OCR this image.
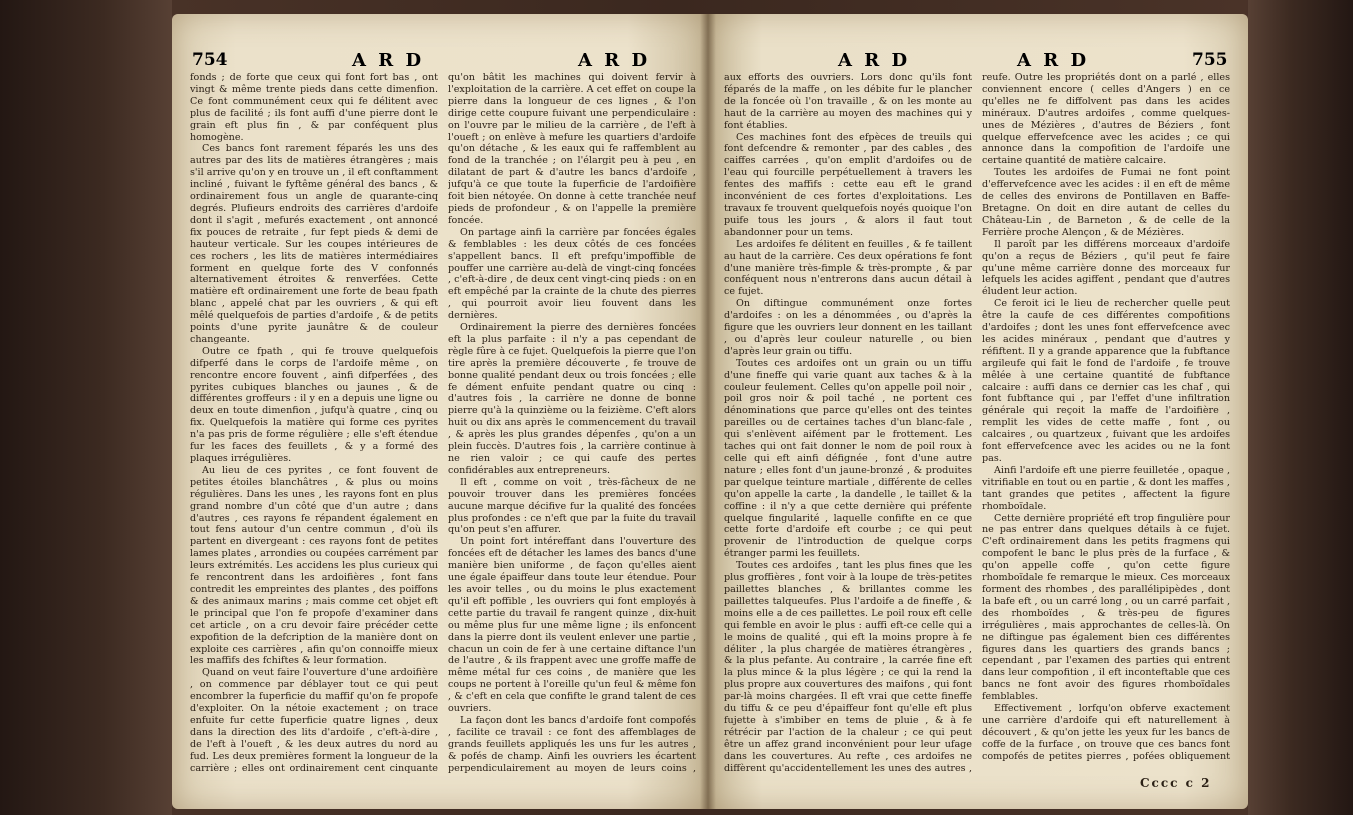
754	A R D	A R D	A R D	A R D	755

fonds ; de forte que ceux qui font fort bas , ont vingt & même trente pieds dans cette dimenfion. Ce font communément ceux qui fe délitent avec plus de facilité ; ils font auffi d'une pierre dont le grain eft plus fin , & par conféquent plus homogène.

Ces bancs font rarement féparés les uns des autres par des lits de matières étrangères ; mais s'il arrive qu'on y en trouve un , il eft conftamment incliné , fuivant le fyftême général des bancs , & ordinairement fous un angle de quarante-cinq degrés. Plufieurs endroits des carrières d'ardoife dont il s'agit , mefurés exactement , ont annoncé fix pouces de retraite , fur fept pieds & demi de hauteur verticale. Sur les coupes intérieures de ces rochers , les lits de matières intermédiaires forment en quelque forte des V confonnés alternativement étroites & renverfées. Cette matière eft ordinairement une forte de beau fpath blanc , appelé chat par les ouvriers , & qui eft mêlé quelquefois de parties d'ardoife , & de petits points d'une pyrite jaunâtre & de couleur changeante.

Outre ce fpath , qui fe trouve quelquefois difperfé dans le corps de l'ardoife même , on rencontre encore fouvent , ainfi difperfées , des pyrites cubiques blanches ou jaunes , & de différentes groffeurs : il y en a depuis une ligne ou deux en toute dimenfion , jufqu'à quatre , cinq ou fix. Quelquefois la matière qui forme ces pyrites n'a pas pris de forme régulière ; elle s'eft étendue fur les faces des feuillets , & y a formé des plaques irrégulières.

Au lieu de ces pyrites , ce font fouvent de petites étoiles blanchâtres , & plus ou moins régulières. Dans les unes , les rayons font en plus grand nombre d'un côté que d'un autre ; dans d'autres , ces rayons fe répandent également en tout fens autour d'un centre commun , d'où ils partent en divergeant : ces rayons font de petites lames plates , arrondies ou coupées carrément par leurs extrémités. Les accidens les plus curieux qui fe rencontrent dans les ardoifières , font fans contredit les empreintes des plantes , des poiffons & des animaux marins ; mais comme cet objet eft le principal que l'on fe propofe d'examiner dans cet article , on a cru devoir faire précéder cette expofition de la defcription de la manière dont on exploite ces carrières , afin qu'on connoiffe mieux les maffifs des fchiftes & leur formation.

Quand on veut faire l'ouverture d'une ardoifière , on commence par déblayer tout ce qui peut encombrer la fuperficie du maffif qu'on fe propofe d'exploiter. On la nétoie exactement ; on trace enfuite fur cette fuperficie quatre lignes , deux dans la direction des lits d'ardoife , c'eft-à-dire , de l'eft à l'oueft , & les deux autres du nord au fud. Les deux premières forment la longueur de la carrière ; elles ont ordinairement cent cinquante

qu'on bâtit les machines qui doivent fervir à l'exploitation de la carrière. A cet effet on coupe la pierre dans la longueur de ces lignes , & l'on dirige cette coupure fuivant une perpendiculaire : on l'ouvre par le milieu de la carrière , de l'eft à l'oueft ; on enlève à mefure les quartiers d'ardoife qu'on détache , & les eaux qui fe raffemblent au fond de la tranchée ; on l'élargit peu à peu , en dilatant de part & d'autre les bancs d'ardoife , jufqu'à ce que toute la fuperficie de l'ardoifière foit bien nétoyée. On donne à cette tranchée neuf pieds de profondeur , & on l'appelle la première foncée.

On partage ainfi la carrière par foncées égales & femblables : les deux côtés de ces foncées s'appellent bancs. Il eft prefqu'impoffible de pouffer une carrière au-delà de vingt-cinq foncées , c'eft-à-dire , de deux cent vingt-cinq pieds : on en eft empêché par la crainte de la chute des pierres , qui pourroit avoir lieu fouvent dans les dernières.

Ordinairement la pierre des dernières foncées eft la plus parfaite : il n'y a pas cependant de règle fûre à ce fujet. Quelquefois la pierre que l'on tire après la première découverte , fe trouve de bonne qualité pendant deux ou trois foncées ; elle fe dément enfuite pendant quatre ou cinq : d'autres fois , la carrière ne donne de bonne pierre qu'à la quinzième ou la feizième. C'eft alors huit ou dix ans après le commencement du travail , & après les plus grandes dépenfes , qu'on a un plein fuccès. D'autres fois , la carrière continue à ne rien valoir ; ce qui caufe des pertes confidérables aux entrepreneurs.

Il eft , comme on voit , très-fâcheux de ne pouvoir trouver dans les premières foncées aucune marque décifive fur la qualité des foncées plus profondes : ce n'eft que par la fuite du travail qu'on peut s'en affurer.

Un point fort intéreffant dans l'ouverture des foncées eft de détacher les lames des bancs d'une manière bien uniforme , de façon qu'elles aient une égale épaiffeur dans toute leur étendue. Pour les avoir telles , ou du moins le plus exactement qu'il eft poffible , les ouvriers qui font employés à cette partie du travail fe rangent quinze , dix-huit ou même plus fur une même ligne ; ils enfoncent dans la pierre dont ils veulent enlever une partie , chacun un coin de fer à une certaine diftance l'un de l'autre , & ils frappent avec une groffe maffe de même métal fur ces coins , de manière que les coups ne portent à l'oreille qu'un feul & même fon , & c'eft en cela que confifte le grand talent de ces ouvriers.

La façon dont les bancs d'ardoife font compofés , facilite ce travail : ce font des affemblages de grands feuillets appliqués les uns fur les autres , & pofés de champ. Ainfi les ouvriers les écartent perpendiculairement au moyen de leurs coins ,

aux efforts des ouvriers. Lors donc qu'ils font féparés de la maffe , on les débite fur le plancher de la foncée où l'on travaille , & on les monte au haut de la carrière au moyen des machines qui y font établies.

Ces machines font des efpèces de treuils qui font defcendre & remonter , par des cables , des caiffes carrées , qu'on emplit d'ardoifes ou de l'eau qui fourcille perpétuellement à travers les fentes des maffifs : cette eau eft le grand inconvénient de ces fortes d'exploitations. Les travaux fe trouvent quelquefois noyés quoique l'on puife tous les jours , & alors il faut tout abandonner pour un tems.

Les ardoifes fe délitent en feuilles , & fe taillent au haut de la carrière. Ces deux opérations fe font d'une manière très-fimple & très-prompte , & par conféquent nous n'entrerons dans aucun détail à ce fujet.

On diftingue communément onze fortes d'ardoifes : on les a dénommées , ou d'après la figure que les ouvriers leur donnent en les taillant , ou d'après leur couleur naturelle , ou bien d'après leur grain ou tiffu.

Toutes ces ardoifes ont un grain ou un tiffu d'une fineffe qui varie quant aux taches & à la couleur feulement. Celles qu'on appelle poil noir , poil gros noir & poil taché , ne portent ces dénominations que parce qu'elles ont des teintes pareilles ou de certaines taches d'un blanc-fale , qui s'enlèvent aifément par le frottement. Les taches qui ont fait donner le nom de poil roux à celle qui eft ainfi défignée , font d'une autre nature ; elles font d'un jaune-bronzé , & produites par quelque teinture martiale , différente de celles qu'on appelle la carte , la dandelle , le taillet & la coffine : il n'y a que cette dernière qui préfente quelque fingularité , laquelle confifte en ce que cette forte d'ardoife eft courbe ; ce qui peut provenir de l'introduction de quelque corps étranger parmi les feuillets.

Toutes ces ardoifes , tant les plus fines que les plus groffières , font voir à la loupe de très-petites paillettes blanches , & brillantes comme les paillettes talqueufes. Plus l'ardoife a de fineffe , & moins elle a de ces paillettes. Le poil roux eft celle qui femble en avoir le plus : auffi eft-ce celle qui a le moins de qualité , qui eft la moins propre à fe déliter , la plus chargée de matières étrangères , & la plus pefante. Au contraire , la carrée fine eft la plus mince & la plus légère ; ce qui la rend la plus propre aux couvertures des maifons , qui font par-là moins chargées. Il eft vrai que cette fineffe du tiffu & ce peu d'épaiffeur font qu'elle eft plus fujette à s'imbiber en tems de pluie , & à fe rétrécir par l'action de la chaleur ; ce qui peut être un affez grand inconvénient pour leur ufage dans les couvertures. Au refte , ces ardoifes ne diffèrent qu'accidentellement les unes des autres ,

reufe. Outre les propriétés dont on a parlé , elles conviennent encore ( celles d'Angers ) en ce qu'elles ne fe diffolvent pas dans les acides minéraux. D'autres ardoifes , comme quelques-unes de Mézières , d'autres de Béziers , font quelque effervefcence avec les acides ; ce qui annonce dans la compofition de l'ardoife une certaine quantité de matière calcaire.

Toutes les ardoifes de Fumai ne font point d'effervefcence avec les acides : il en eft de même de celles des environs de Pontillaven en Baffe-Bretagne. On doit en dire autant de celles du Château-Lin , de Barneton , & de celle de la Ferrière proche Alençon , & de Mézières.

Il paroît par les différens morceaux d'ardoife qu'on a reçus de Béziers , qu'il peut fe faire qu'une même carrière donne des morceaux fur lefquels les acides agiffent , pendant que d'autres éludent leur action.

Ce feroit ici le lieu de rechercher quelle peut être la caufe de ces différentes compofitions d'ardoifes ; dont les unes font effervefcence avec les acides minéraux , pendant que d'autres y réfiftent. Il y a grande apparence que la fubftance argileufe qui fait le fond de l'ardoife , fe trouve mêlée à une certaine quantité de fubftance calcaire : auffi dans ce dernier cas les chaf , qui font fubftance qui , par l'effet d'une infiltration générale qui reçoit la maffe de l'ardoifière , remplit les vides de cette maffe , font , ou calcaires , ou quartzeux , fuivant que les ardoifes font effervefcence avec les acides ou ne la font pas.

Ainfi l'ardoife eft une pierre feuilletée , opaque , vitrifiable en tout ou en partie , & dont les maffes , tant grandes que petites , affectent la figure rhomboïdale.

Cette dernière propriété eft trop fingulière pour ne pas entrer dans quelques détails à ce fujet. C'eft ordinairement dans les petits fragmens qui compofent le banc le plus près de la furface , & qu'on appelle coffe , qu'on cette figure rhomboïdale fe remarque le mieux. Ces morceaux forment des rhombes , des parallélipipèdes , dont la bafe eft , ou un carré long , ou un carré parfait , des rhomboïdes , & très-peu de figures irrégulières , mais approchantes de celles-là. On ne diftingue pas également bien ces différentes figures dans les quartiers des grands bancs ; cependant , par l'examen des parties qui entrent dans leur compofition , il eft inconteftable que ces bancs ne font avoir des figures rhomboïdales femblables.

Effectivement , lorfqu'on obferve exactement une carrière d'ardoife qui eft naturellement à découvert , & qu'on jette les yeux fur les bancs de coffe de la furface , on trouve que ces bancs font compofés de petites pierres , pofées obliquement

Cccc c 2
